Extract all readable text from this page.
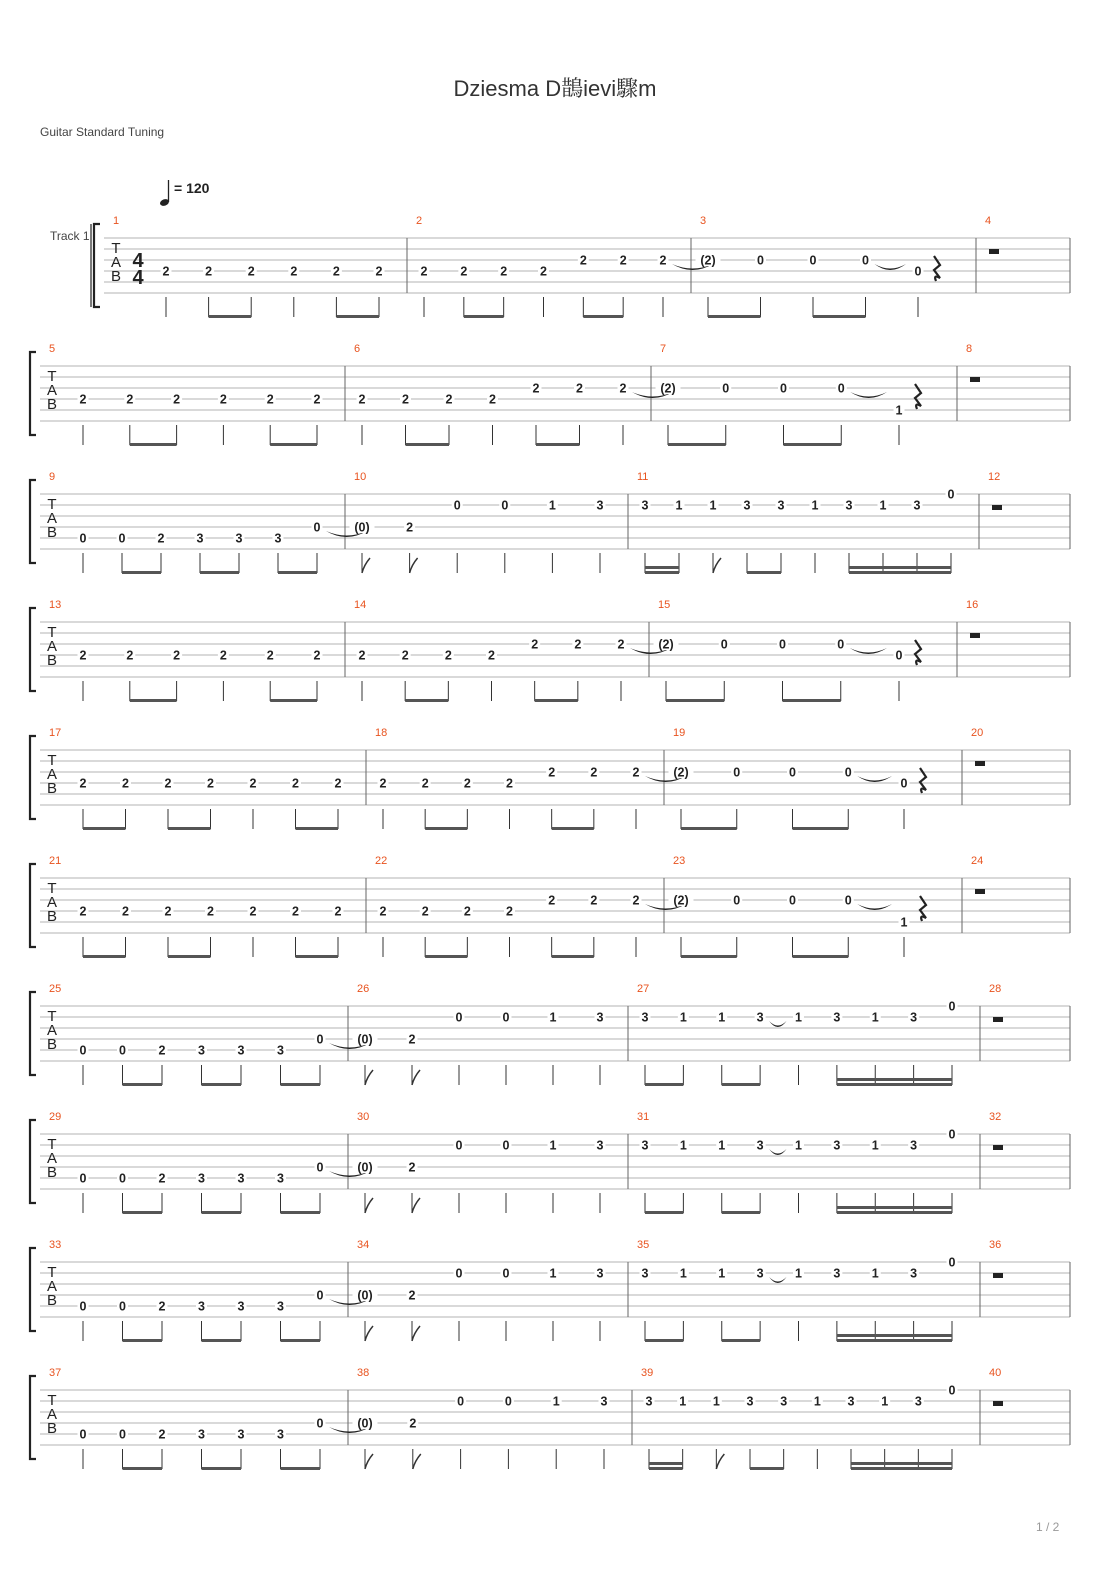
Dziesma D鵲ievi驟m
Guitar Standard Tuning
= 120
Track 1
T
A
B
4
4
1
2	2	2	2	2	2
2
2	2	2	2
2	2	2
3
(2)	0	0	0
0
4
T
A
B
5
2	2	2	2	2	2
6
2	2	2	2
2	2	2
7
(2)	0	0	0
1
8
T
A
B
9
0	0	2	3	3	3
0
10
(0)	2
0	0	1	3
11
3 1 1 3 3 1 3 1 3
0
12
T
A
B
13
2	2	2	2	2	2
14
2	2	2	2
2	2	2
15
(2)	0	0	0
0
16
T
A
B
17
2	2	2	2	2	2	2
18
2	2	2	2
2	2	2
19
(2)	0	0	0
0
20
T
A
B
21
2	2	2	2	2	2	2
22
2	2	2	2
2	2	2
23
(2)	0	0	0
1
24
T
A
B
25
0	0	2	3	3	3
0
26
(0)	2
0	0	1	3
27
3	1	1	3	1	3	1	3
0
28
T
A
B
29
0	0	2	3	3	3
0
30
(0)	2
0	0	1	3
31
3	1	1	3	1	3	1	3
0
32
T
A
B
33
0	0	2	3	3	3
0
34
(0)	2
0	0	1	3
35
3	1	1	3	1	3	1	3
0
36
T
A
B
37
0	0	2	3	3	3
0
38
(0)	2
0	0	1	3
39
3 1 1 3 3 1 3 1 3
0
40
1 / 2
